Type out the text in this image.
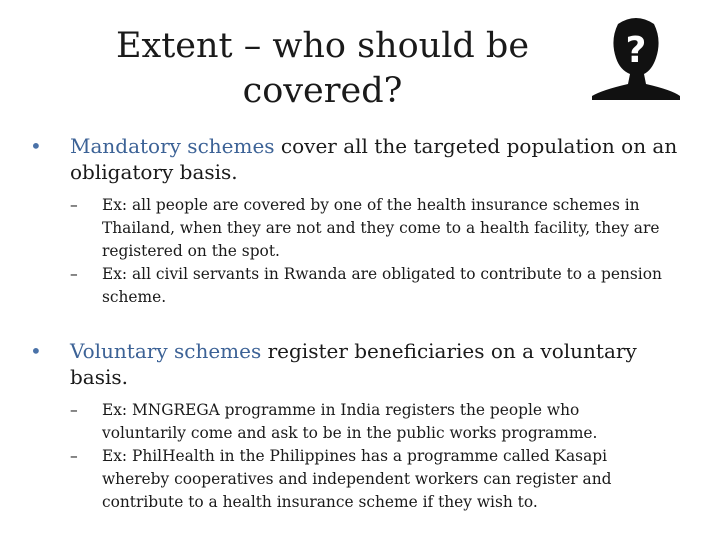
Extent – who should be covered?
?
•	Mandatory schemes cover all the targeted population on an obligatory basis.
–	Ex: all people are covered by one of the health insurance schemes in Thailand, when they are not and they come to a health facility, they are registered on the spot.
–	Ex: all civil servants in Rwanda are obligated to contribute to a pension scheme.
•	Voluntary schemes register beneficiaries on a voluntary basis.
–	Ex: MNGREGA programme in India registers the people who voluntarily come and ask to be in the public works programme.
–	Ex: PhilHealth in the Philippines has a programme called Kasapi whereby cooperatives and independent workers can register and contribute to a health insurance scheme if they wish to.
